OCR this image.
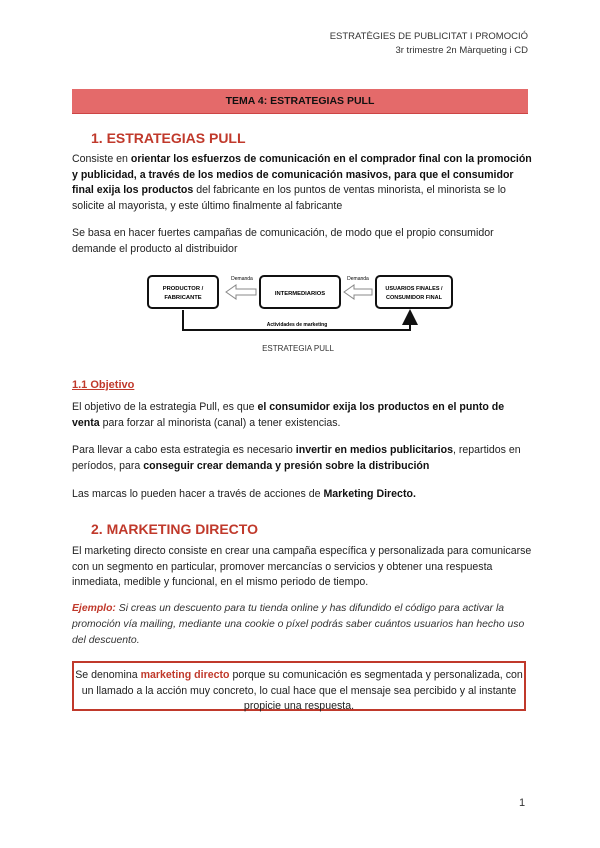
ESTRATÈGIES DE PUBLICITAT I PROMOCIÓ
3r trimestre 2n Màrqueting i CD
TEMA 4: ESTRATEGIAS PULL
1. ESTRATEGIAS PULL
Consiste en orientar los esfuerzos de comunicación en el comprador final con la promoción y publicidad, a través de los medios de comunicación masivos, para que el consumidor final exija los productos del fabricante en los puntos de ventas minorista, el minorista se lo solicite al mayorista, y este último finalmente al fabricante
Se basa en hacer fuertes campañas de comunicación, de modo que el propio consumidor demande el producto al distribuidor
PRODUCTOR /
FABRICANTE
INTERMEDIARIOS
USUARIOS FINALES /
CONSUMIDOR FINAL
Demanda	Demanda
Actividades de marketing
ESTRATEGIA PULL
1.1 Objetivo
El objetivo de la estrategia Pull, es que el consumidor exija los productos en el punto de venta para forzar al minorista (canal) a tener existencias.
Para llevar a cabo esta estrategia es necesario invertir en medios publicitarios, repartidos en períodos, para conseguir crear demanda y presión sobre la distribución
Las marcas lo pueden hacer a través de acciones de Marketing Directo.
2. MARKETING DIRECTO
El marketing directo consiste en crear una campaña específica y personalizada para comunicarse con un segmento en particular, promover mercancías o servicios y obtener una respuesta inmediata, medible y funcional, en el mismo periodo de tiempo.
Ejemplo: Si creas un descuento para tu tienda online y has difundido el código para activar la promoción vía mailing, mediante una cookie o píxel podrás saber cuántos usuarios han hecho uso del descuento.
Se denomina marketing directo porque su comunicación es segmentada y personalizada, con un llamado a la acción muy concreto, lo cual hace que el mensaje sea percibido y al instante propicie una respuesta.
1
